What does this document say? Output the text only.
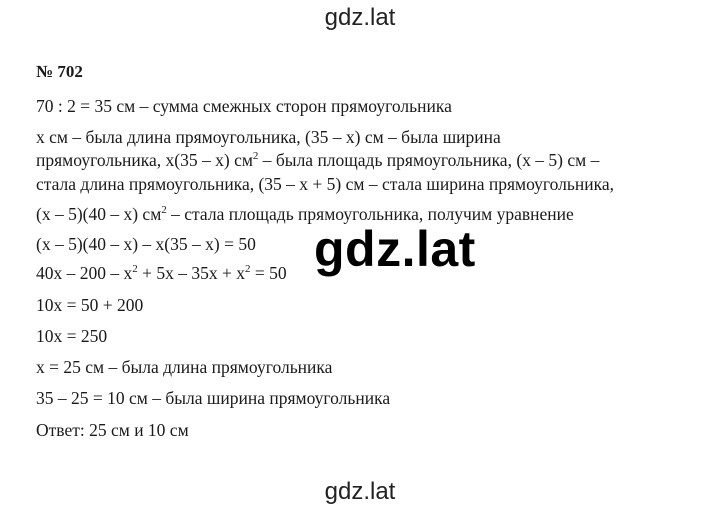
gdz.lat
№ 702
70 : 2 = 35 см – сумма смежных сторон прямоугольника
х см – была длина прямоугольника, (35 – х) см – была ширина
прямоугольника, х(35 – х) $см^2$ – была площадь прямоугольника, (х – 5) см –
стала длина прямоугольника, (35 – х + 5) см – стала ширина прямоугольника,
(х – 5)(40 – х) $см^2$ – стала площадь прямоугольника, получим уравнение
(х – 5)(40 – х) – х(35 – х) = 50
$40х - 200 - х^2 + 5х - 35х + х^2 = 50$
10х = 50 + 200
10х = 250
х = 25 см – была длина прямоугольника
35 – 25 = 10 см – была ширина прямоугольника
Ответ: 25 см и 10 см
gdz.lat
gdz.lat
